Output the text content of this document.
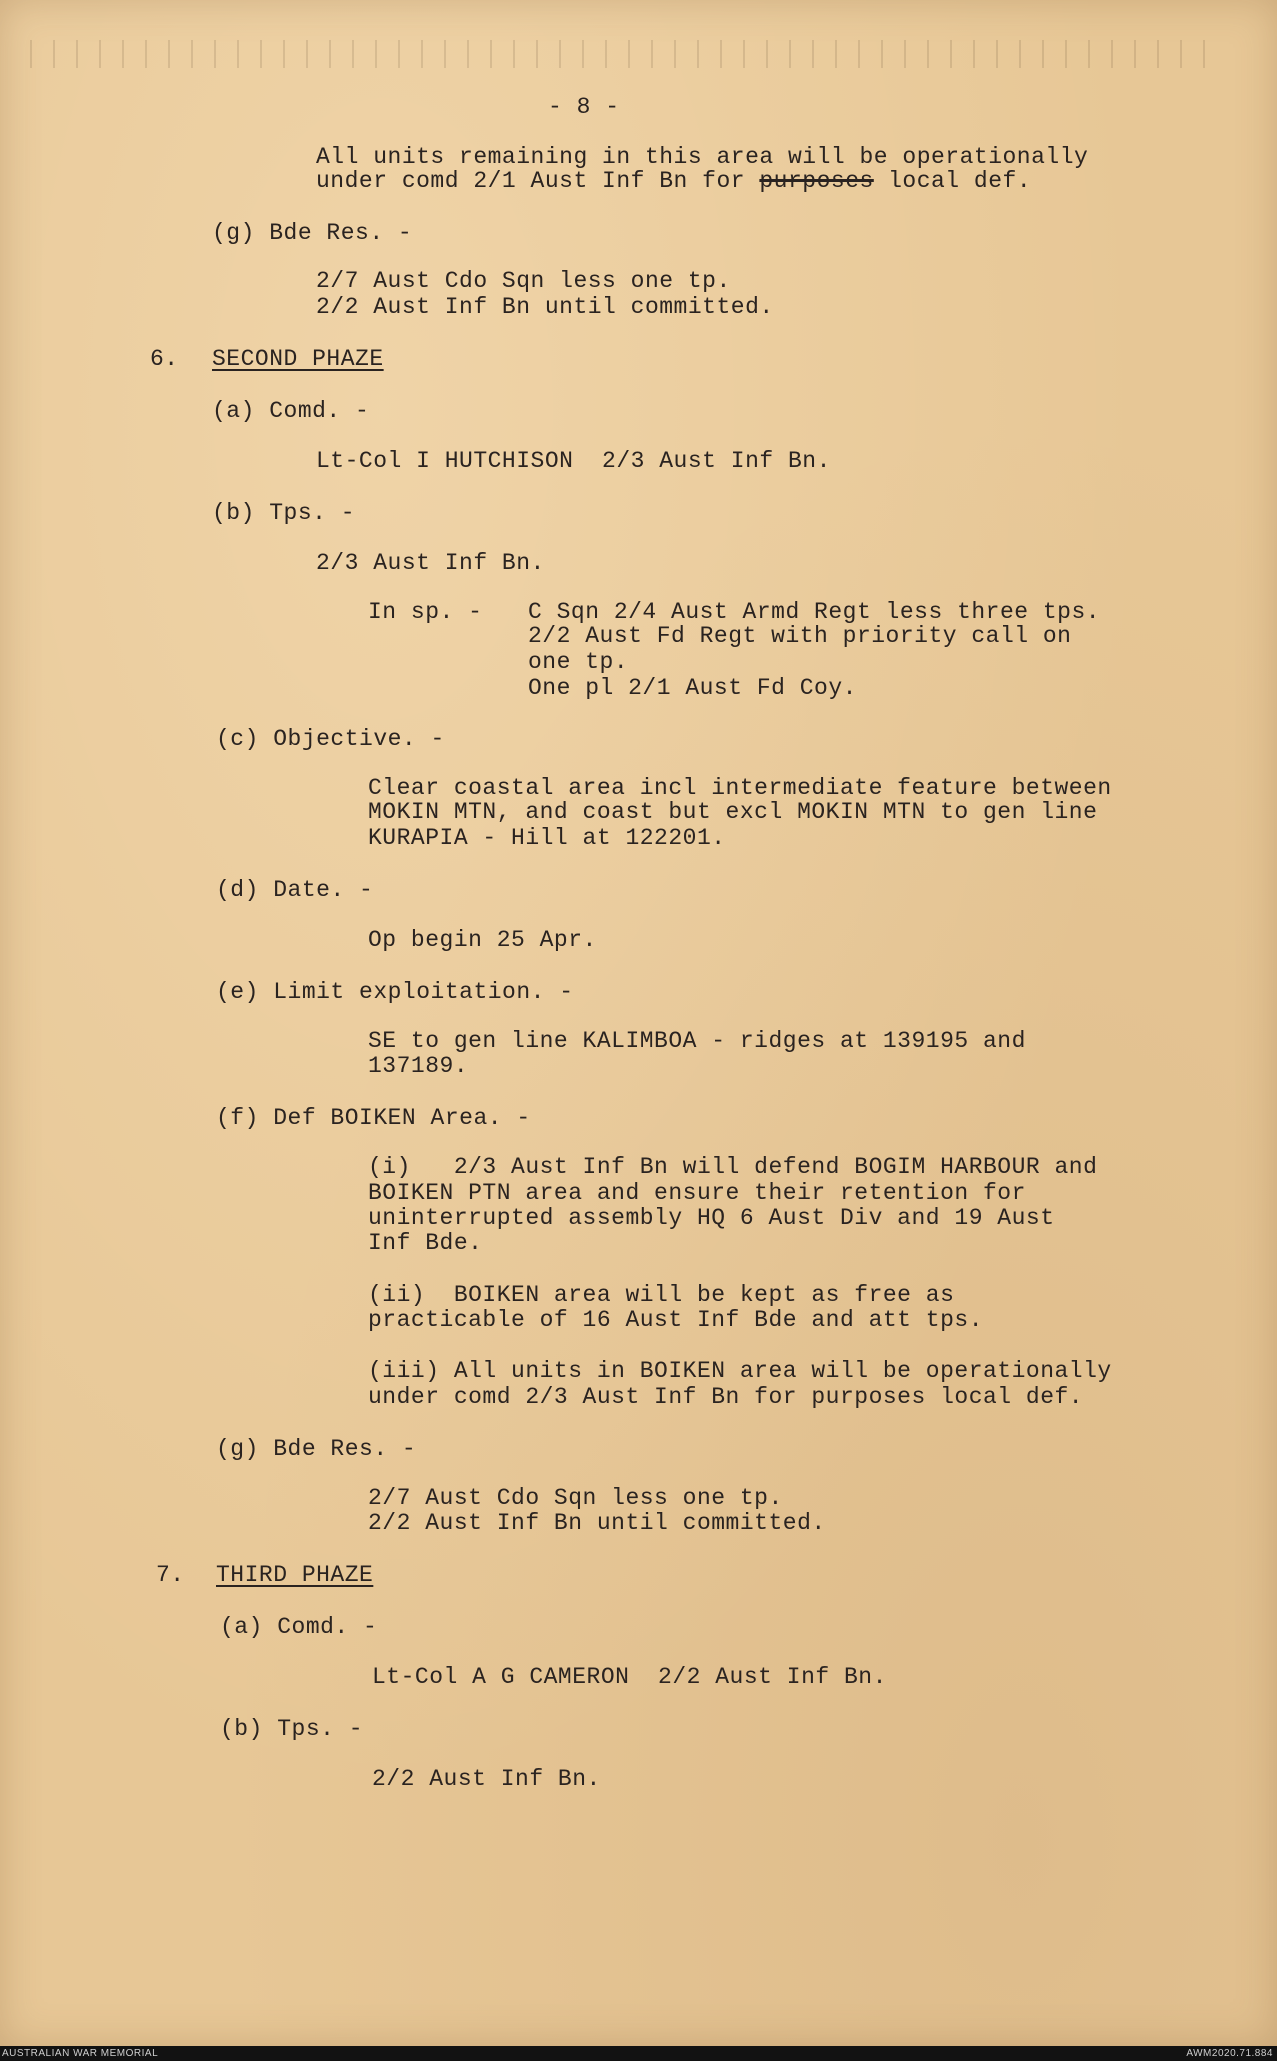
- 8 -
All units remaining in this area will be operationally
under comd 2/1 Aust Inf Bn for purposes local def.
(g) Bde Res. -
2/7 Aust Cdo Sqn less one tp.
2/2 Aust Inf Bn until committed.
6. SECOND PHAZE
(a) Comd. -
Lt-Col I HUTCHISON  2/3 Aust Inf Bn.
(b) Tps. -
2/3 Aust Inf Bn.
In sp. - C Sqn 2/4 Aust Armd Regt less three tps.
2/2 Aust Fd Regt with priority call on
one tp.
One pl 2/1 Aust Fd Coy.
(c) Objective. -
Clear coastal area incl intermediate feature between
MOKIN MTN, and coast but excl MOKIN MTN to gen line
KURAPIA - Hill at 122201.
(d) Date. -
Op begin 25 Apr.
(e) Limit exploitation. -
SE to gen line KALIMBOA - ridges at 139195 and
137189.
(f) Def BOIKEN Area. -
(i)   2/3 Aust Inf Bn will defend BOGIM HARBOUR and
BOIKEN PTN area and ensure their retention for
uninterrupted assembly HQ 6 Aust Div and 19 Aust
Inf Bde.
(ii)  BOIKEN area will be kept as free as
practicable of 16 Aust Inf Bde and att tps.
(iii) All units in BOIKEN area will be operationally
under comd 2/3 Aust Inf Bn for purposes local def.
(g) Bde Res. -
2/7 Aust Cdo Sqn less one tp.
2/2 Aust Inf Bn until committed.
7. THIRD PHAZE
(a) Comd. -
Lt-Col A G CAMERON  2/2 Aust Inf Bn.
(b) Tps. -
2/2 Aust Inf Bn.
AUSTRALIAN WAR MEMORIAL	AWM2020.71.884
